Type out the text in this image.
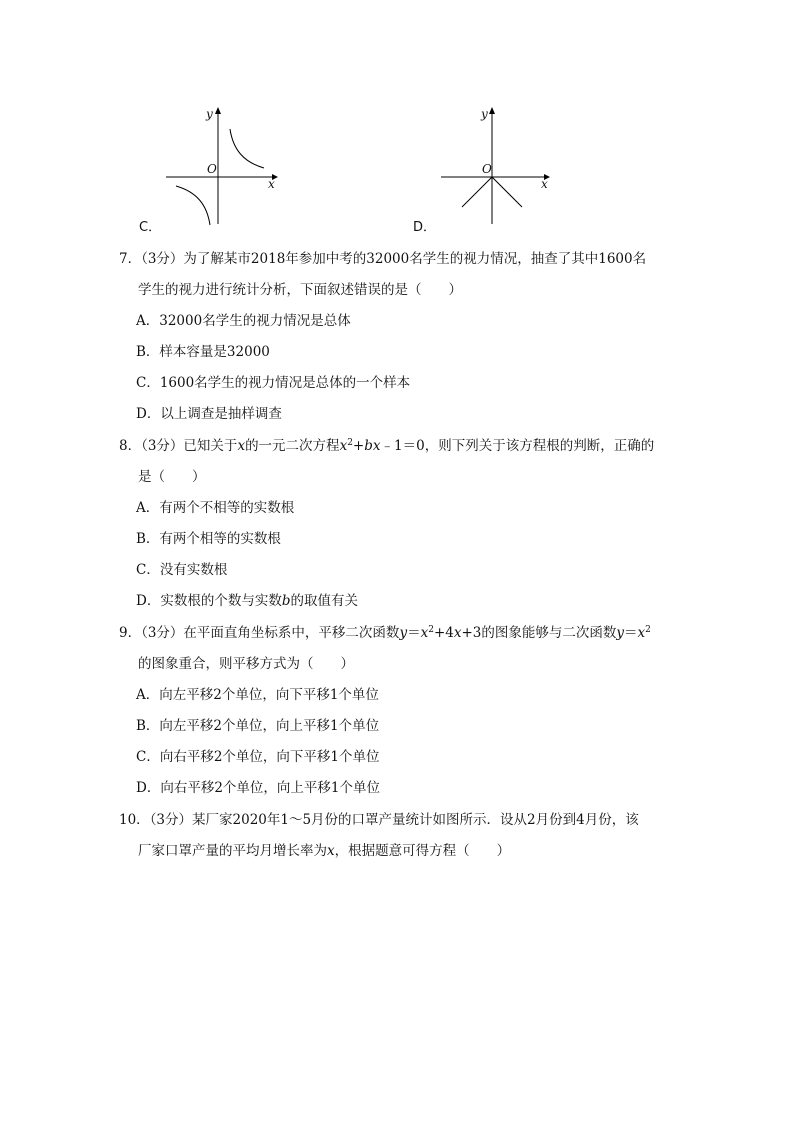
y
O
x
C．
y
O
x
D．
7．（3分）为了解某市2018年参加中考的32000名学生的视力情况，抽查了其中1600名
学生的视力进行统计分析，下面叙述错误的是（　　）
A．32000名学生的视力情况是总体
B．样本容量是32000
C．1600名学生的视力情况是总体的一个样本
D．以上调查是抽样调查
8．（3分）已知关于x的一元二次方程$x^2+bx﹣1=0$，则下列关于该方程根的判断，正确的
是（　　）
A．有两个不相等的实数根
B．有两个相等的实数根
C．没有实数根
D．实数根的个数与实数b的取值有关
9．（3分）在平面直角坐标系中，平移二次函数$y=x^2+4x+3$的图象能够与二次函数$y=x^2$
的图象重合，则平移方式为（　　）
A．向左平移2个单位，向下平移1个单位
B．向左平移2个单位，向上平移1个单位
C．向右平移2个单位，向下平移1个单位
D．向右平移2个单位，向上平移1个单位
10．（3分）某厂家2020年1～5月份的口罩产量统计如图所示．设从2月份到4月份，该
厂家口罩产量的平均月增长率为x，根据题意可得方程（　　）
